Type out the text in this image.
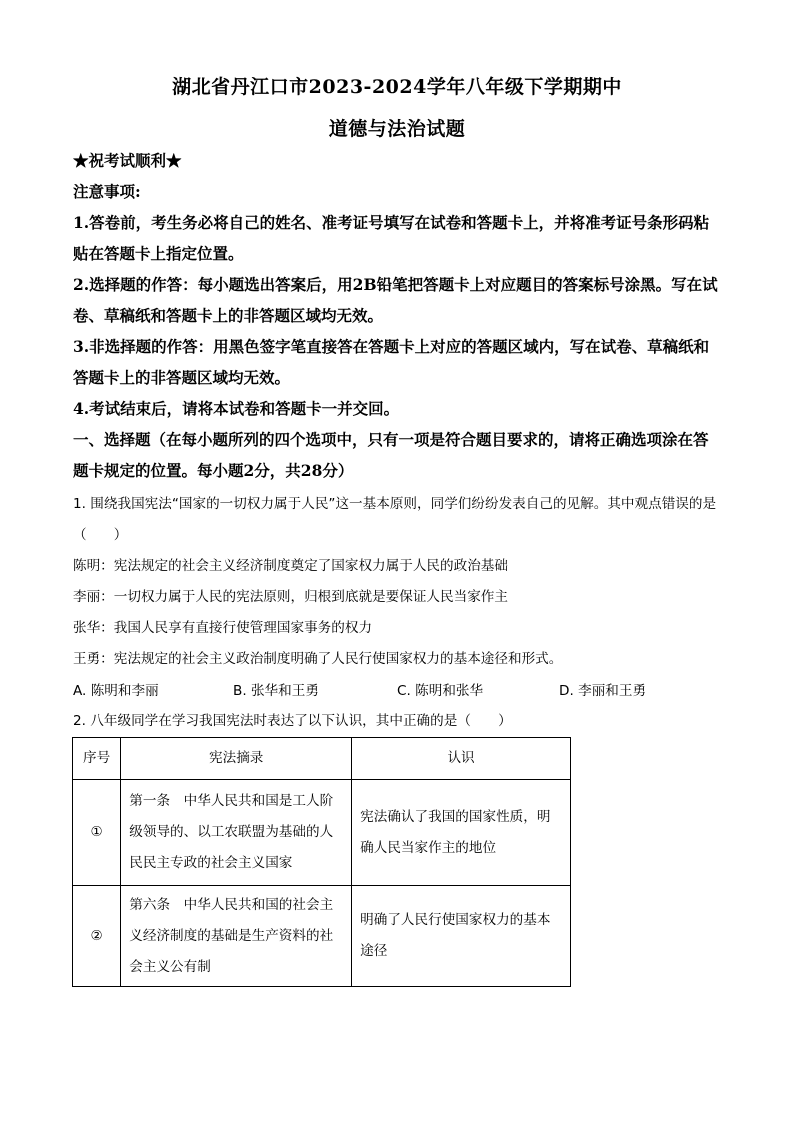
湖北省丹江口市2023-2024学年八年级下学期期中
道德与法治试题
★祝考试顺利★
注意事项:
1.答卷前，考生务必将自己的姓名、准考证号填写在试卷和答题卡上，并将准考证号条形码粘贴在答题卡上指定位置。
2.选择题的作答：每小题选出答案后，用2B铅笔把答题卡上对应题目的答案标号涂黑。写在试卷、草稿纸和答题卡上的非答题区域均无效。
3.非选择题的作答：用黑色签字笔直接答在答题卡上对应的答题区域内，写在试卷、草稿纸和答题卡上的非答题区域均无效。
4.考试结束后，请将本试卷和答题卡一并交回。
一、选择题（在每小题所列的四个选项中，只有一项是符合题目要求的，请将正确选项涂在答题卡规定的位置。每小题2分，共28分）
1. 围绕我国宪法“国家的一切权力属于人民”这一基本原则，同学们纷纷发表自己的见解。其中观点错误的是（　　）
陈明：宪法规定的社会主义经济制度奠定了国家权力属于人民的政治基础
李丽：一切权力属于人民的宪法原则，归根到底就是要保证人民当家作主
张华：我国人民享有直接行使管理国家事务的权力
王勇：宪法规定的社会主义政治制度明确了人民行使国家权力的基本途径和形式。
A. 陈明和李丽	B. 张华和王勇	C. 陈明和张华	D. 李丽和王勇
2. 八年级同学在学习我国宪法时表达了以下认识，其中正确的是（　　）
序号	宪法摘录	认识
①	第一条　中华人民共和国是工人阶级领导的、以工农联盟为基础的人民民主专政的社会主义国家	宪法确认了我国的国家性质，明确人民当家作主的地位
②	第六条　中华人民共和国的社会主义经济制度的基础是生产资料的社会主义公有制	明确了人民行使国家权力的基本途径
